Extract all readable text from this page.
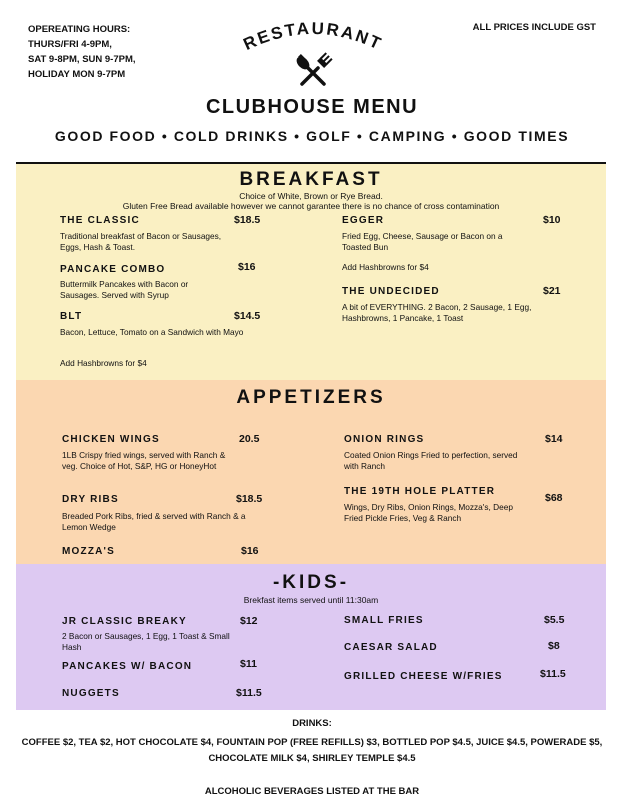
OPEREATING HOURS:
THURS/FRI 4-9PM,
SAT 9-8PM, SUN 9-7PM,
HOLIDAY MON 9-7PM
ALL PRICES INCLUDE GST
RESTAURANT
CLUBHOUSE MENU
GOOD FOOD • COLD DRINKS • GOLF • CAMPING • GOOD TIMES
BREAKFAST
Choice of White, Brown or Rye Bread.
Gluten Free Bread available however we cannot garantee there is no chance of cross contamination
THE CLASSIC	$18.5
Traditional breakfast of Bacon or Sausages, Eggs, Hash & Toast.
PANCAKE COMBO	$16
Buttermilk Pancakes with Bacon or Sausages. Served with Syrup
BLT	$14.5
Bacon, Lettuce, Tomato on a Sandwich with Mayo
Add Hashbrowns for $4
EGGER	$10
Fried Egg, Cheese, Sausage or Bacon on a Toasted Bun
Add Hashbrowns for $4
THE UNDECIDED	$21
A bit of EVERYTHING. 2 Bacon, 2 Sausage, 1 Egg, Hashbrowns, 1 Pancake, 1 Toast
APPETIZERS
CHICKEN WINGS	20.5
1LB Crispy fried wings, served with Ranch & veg. Choice of Hot, S&P, HG or HoneyHot
DRY RIBS	$18.5
Breaded Pork Ribs, fried & served with Ranch & a Lemon Wedge
MOZZA'S	$16
ONION RINGS	$14
Coated Onion Rings Fried to perfection, served with Ranch
THE 19TH HOLE PLATTER
$68
Wings, Dry Ribs, Onion Rings, Mozza's, Deep Fried Pickle Fries, Veg & Ranch
-KIDS-
Brekfast items served until 11:30am
JR CLASSIC BREAKY	$12
2 Bacon or Sausages, 1 Egg, 1 Toast & Small Hash
PANCAKES W/ BACON	$11
NUGGETS	$11.5
SMALL FRIES	$5.5
CAESAR SALAD	$8
GRILLED CHEESE W/FRIES	$11.5
DRINKS:
COFFEE $2, TEA $2, HOT CHOCOLATE $4, FOUNTAIN POP (FREE REFILLS) $3, BOTTLED POP $4.5, JUICE $4.5, POWERADE $5,
CHOCOLATE MILK $4, SHIRLEY TEMPLE $4.5
ALCOHOLIC BEVERAGES LISTED AT THE BAR
